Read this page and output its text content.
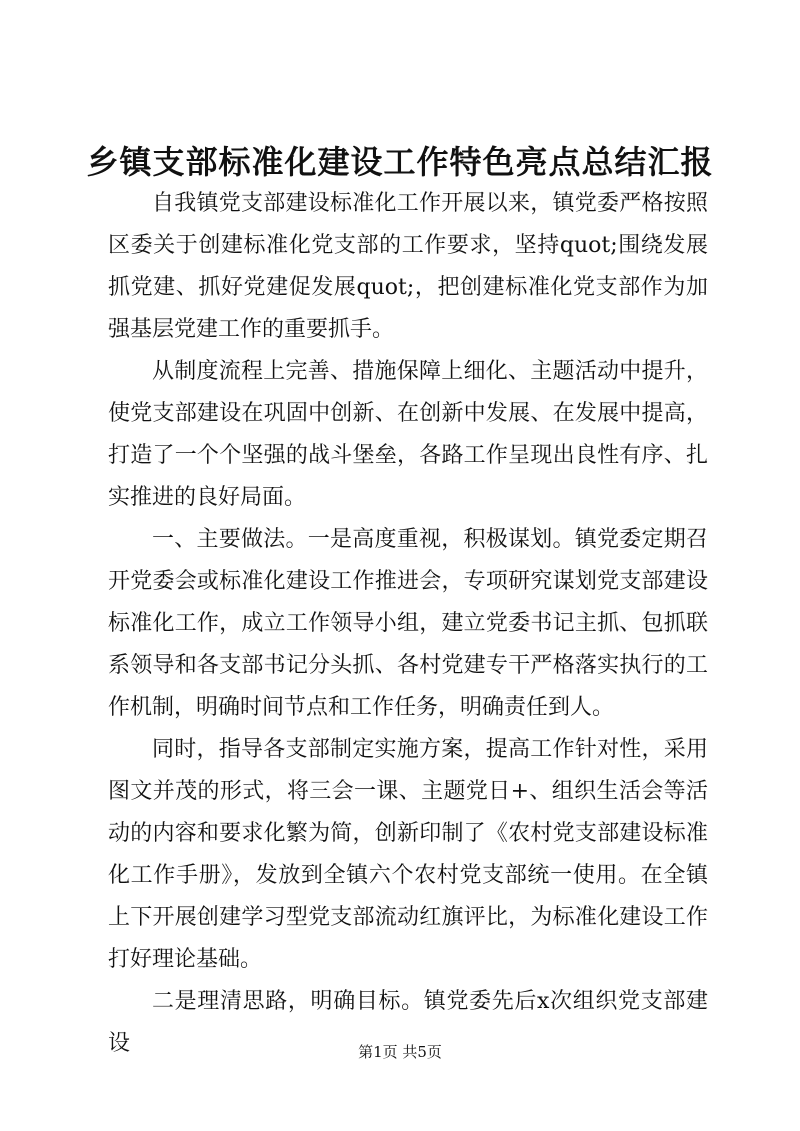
乡镇支部标准化建设工作特色亮点总结汇报

自我镇党支部建设标准化工作开展以来，镇党委严格按照区委关于创建标准化党支部的工作要求，坚持quot;围绕发展抓党建、抓好党建促发展quot;，把创建标准化党支部作为加强基层党建工作的重要抓手。

从制度流程上完善、措施保障上细化、主题活动中提升，使党支部建设在巩固中创新、在创新中发展、在发展中提高，打造了一个个坚强的战斗堡垒，各路工作呈现出良性有序、扎实推进的良好局面。

一、主要做法。一是高度重视，积极谋划。镇党委定期召开党委会或标准化建设工作推进会，专项研究谋划党支部建设标准化工作，成立工作领导小组，建立党委书记主抓、包抓联系领导和各支部书记分头抓、各村党建专干严格落实执行的工作机制，明确时间节点和工作任务，明确责任到人。

同时，指导各支部制定实施方案，提高工作针对性，采用图文并茂的形式，将三会一课、主题党日+、组织生活会等活动的内容和要求化繁为简，创新印制了《农村党支部建设标准化工作手册》，发放到全镇六个农村党支部统一使用。在全镇上下开展创建学习型党支部流动红旗评比，为标准化建设工作打好理论基础。

二是理清思路，明确目标。镇党委先后x次组织党支部建设	第1页 共5页
